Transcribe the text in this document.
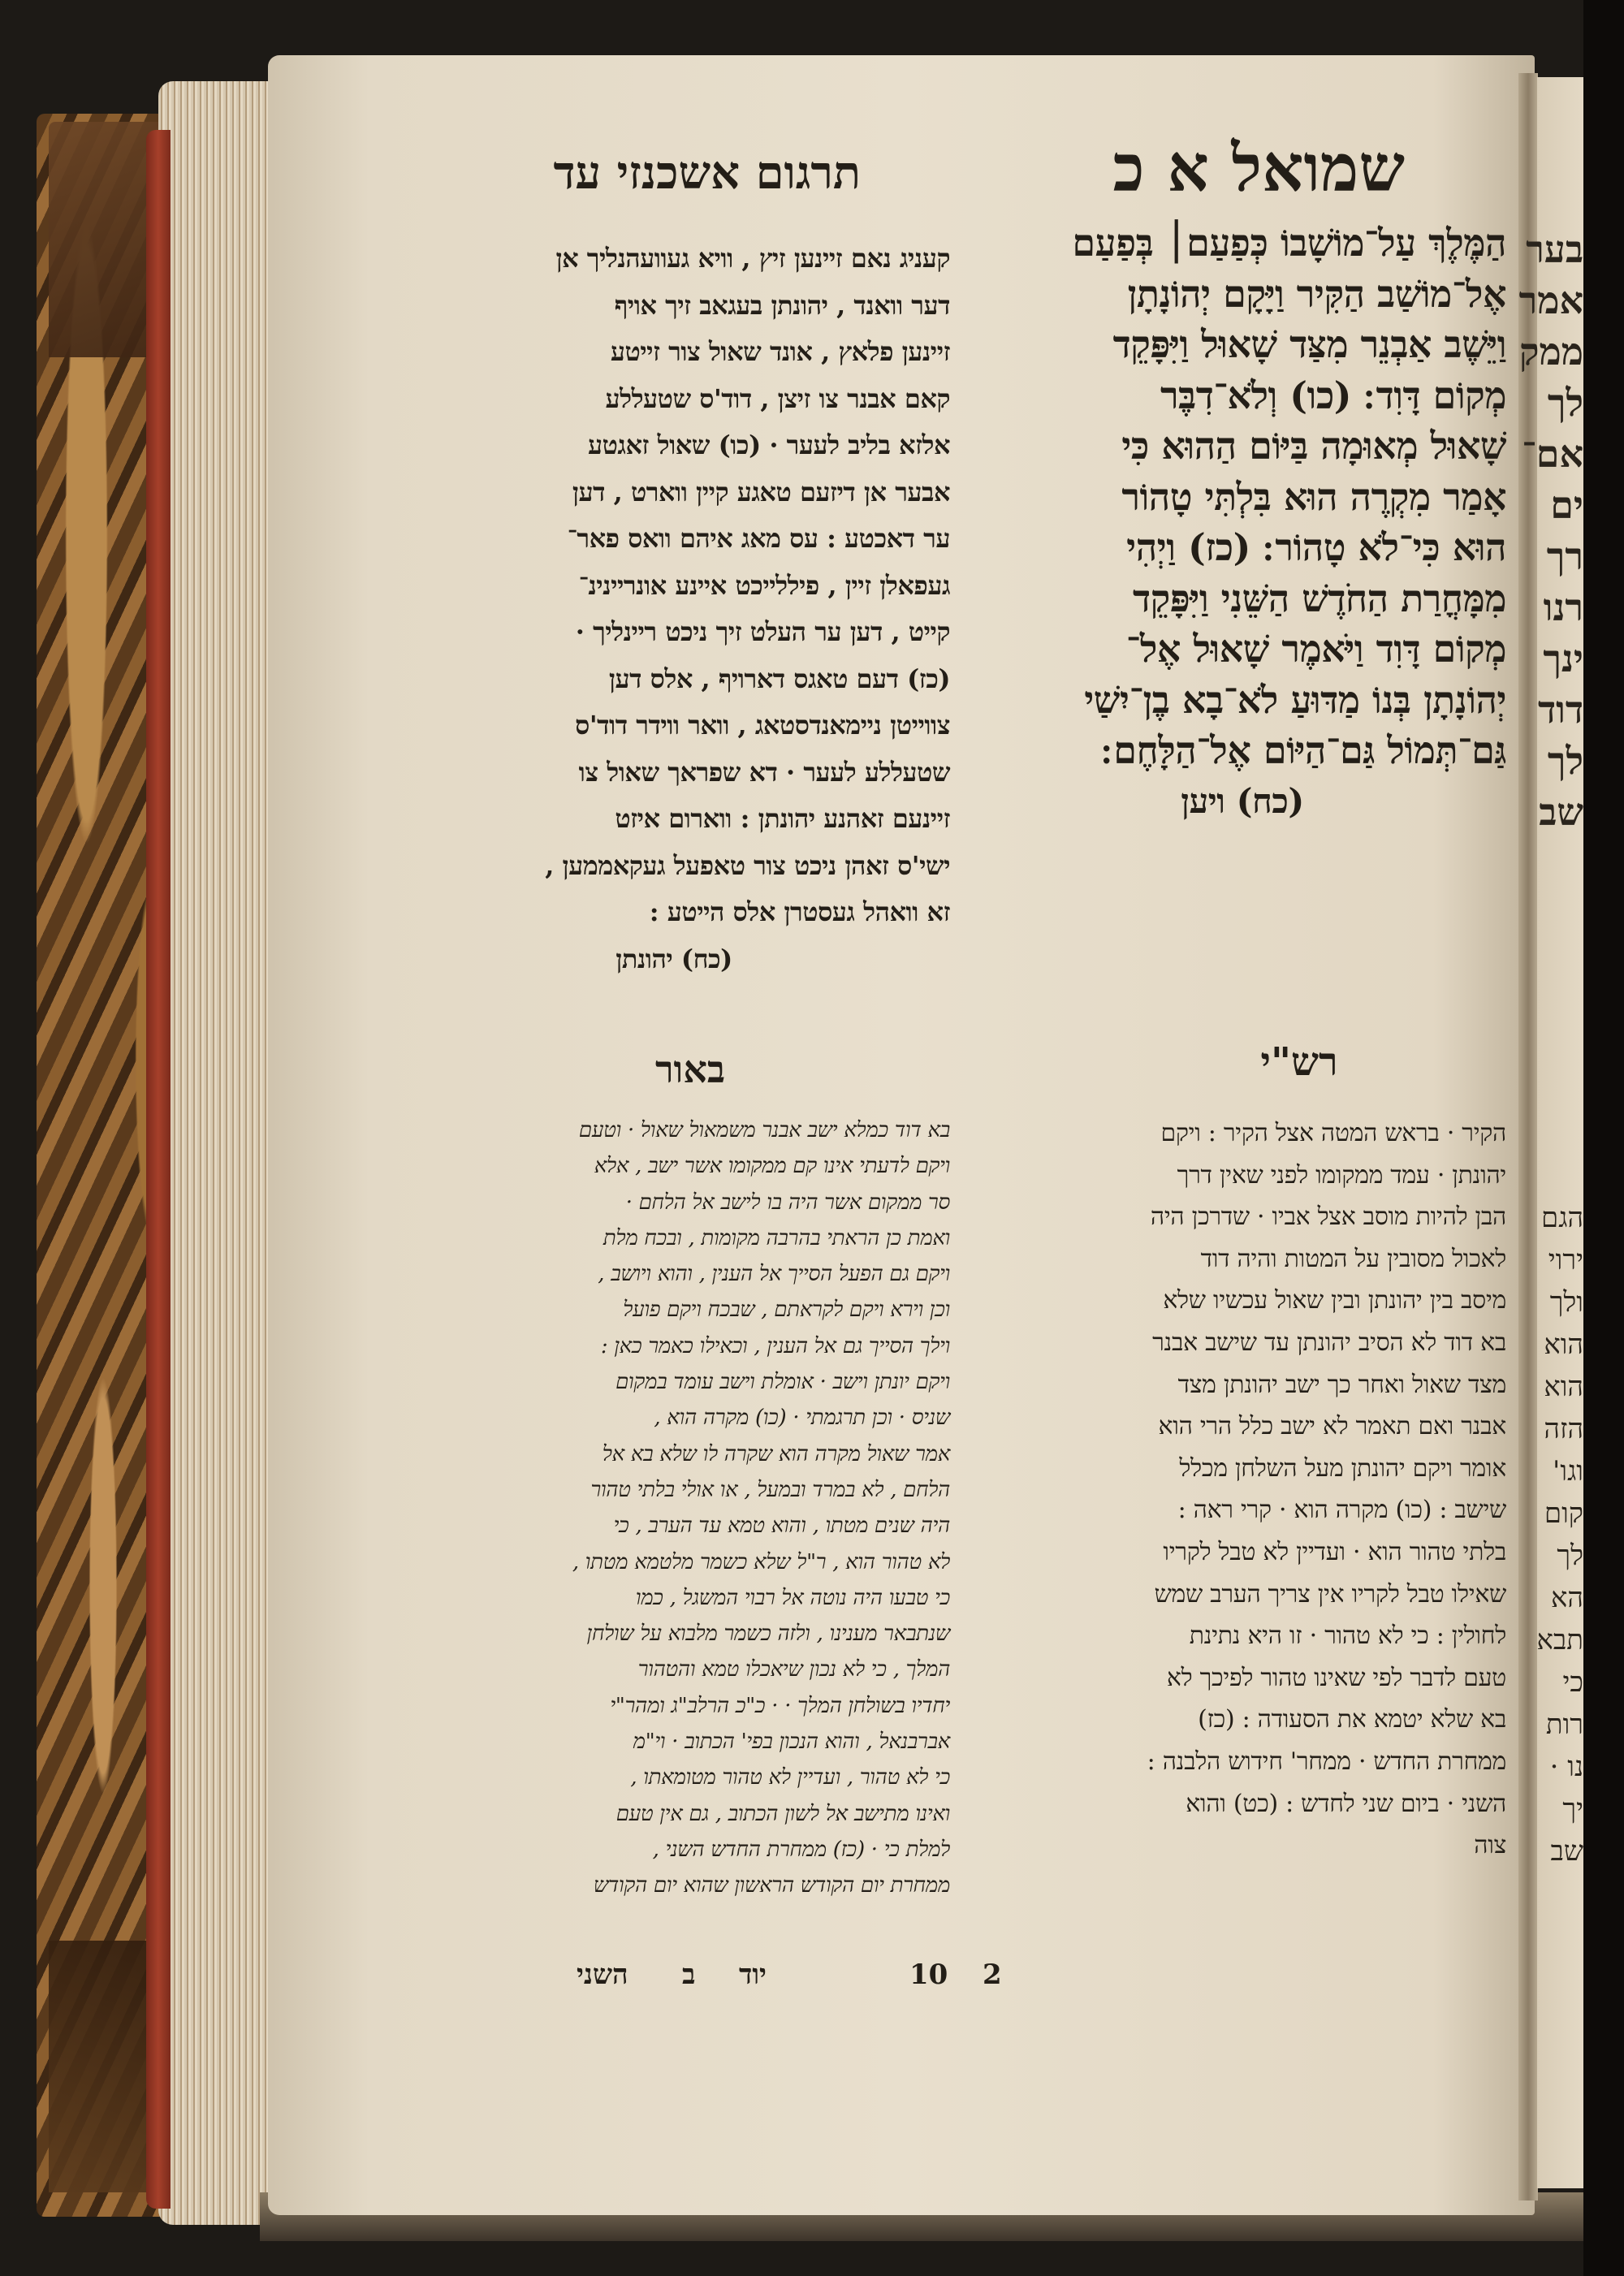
בער
אמר
ממק
לך
אם־
ים
רך
רנו
ינך
דוד
לך
שב
הגם
ירוי
ולך
הוא
הוא
הזה
וגו'
קום
לך
הא
תבא
כי
רות
נו ·
יך
שב
תרגום אשכנזי עד	שמואל א כ
קעניג נאם זיינען זיץ , וויא געוועהנליך אן
דער וואנד , יהונתן בעגאב זיך אויף
זיינען פלאץ , אונד שאול צור זייטע
קאם אבנר צו זיצן , דוד'ס שטעללע
אלזא בליב לעער · (כו) שאול זאגטע
אבער אן דיזעם טאגע קיין ווארט , דען
ער דאכטע : עס מאג איהם וואס פאר־
געפאלן זיין , פיללייכט איינע אונריינינ־
קייט , דען ער העלט זיך ניכט ריינליך ·
(כז) דעם טאגס דארויף , אלס דען
צווייטן ניימאנדסטאג , וואר ווידר דוד'ס
שטעללע לעער · דא שפראך שאול צו
זיינעם זאהנע יהונתן : ווארום איזט
ישי'ס זאהן ניכט צור טאפעל געקאממען ,
זא וואהל געסטרן אלס הייטע :
(כח) יהונתן
הַמֶּלֶךְ עַל־מוֹשָׁבוֹ כְּפַעַם׀ בְּפַעַם
אֶל־מוֹשַׁב הַקִּיר וַיָּקָם יְהוֹנָתָן
וַיֵּשֶׁב אַבְנֵר מִצַּד שָׁאוּל וַיִּפָּקֵד
מְקוֹם דָּוִד ׃ (כו) וְלֹא־דִבֶּר
שָׁאוּל מְאוּמָה בַּיּוֹם הַהוּא כִּי
אָמַר מִקְרֶה הוּא בִּלְתִּי טָהוֹר
הוּא כִּי־לֹא טָהוֹר ׃ (כז) וַיְהִי
מִמָּחֳרַת הַחֹדֶשׁ הַשֵּׁנִי וַיִּפָּקֵד
מְקוֹם דָּוִד וַיֹּאמֶר שָׁאוּל אֶל־
יְהוֹנָתָן בְּנוֹ מַדּוּעַ לֹא־בָא בֶן־יִשַׁי
גַּם־תְּמוֹל גַּם־הַיּוֹם אֶל־הַלָּחֶם ׃
(כח) ויען
באור	רש"י
בא דוד כמלא ישב אבנר משמאול שאול · וטעם
ויקם לדעתי אינו קם ממקומו אשר ישב , אלא
סר ממקום אשר היה בו לישב אל הלחם ·
ואמת כן הראתי בהרבה מקומות , ובכח מלת
ויקם גם הפעל הסייך אל הענין , והוא ויושב ,
וכן וירא ויקם לקראתם , שבכח ויקם פועל
וילך הסייך גם אל הענין , וכאילו כאמר כאן :
ויקם יונתן וישב · אומלת וישב עומד במקום
שניס · וכן תרגמתי · (כו) מקרה הוא ,
אמר שאול מקרה הוא שקרה לו שלא בא אל
הלחם , לא במרד ובמעל , או אולי בלתי טהור
היה שנים מטתו , והוא טמא עד הערב , כי
לא טהור הוא , ר"ל שלא כשמר מלטמא מטתו ,
כי טבעו היה נוטה אל רבוי המשגל , כמו
שנתבאר מענינו , ולזה כשמר מלבוא על שולחן
המלך , כי לא נכון שיאכלו טמא והטהור
יחדיו בשולחן המלך · · כ"כ הרלב"ג ומהר"י
אברבנאל , והוא הנכון בפי' הכתוב · וי"מ
כי לא טהור , ועדיין לא טהור מטומאתו ,
ואינו מתישב אל לשון הכתוב , גם אין טעם
למלת כי · (כז) ממחרת החדש השני ,
ממחרת יום הקודש הראשון שהוא יום הקודש
הקיר · בראש המטה אצל הקיר : ויקם
יהונתן · עמד ממקומו לפני שאין דרך
הבן להיות מוסב אצל אביו · שדרכן היה
לאכול מסובין על המטות והיה דוד
מיסב בין יהונתן ובין שאול עכשיו שלא
בא דוד לא הסיב יהונתן עד שישב אבנר
מצד שאול ואחר כך ישב יהונתן מצד
אבנר ואם תאמר לא ישב כלל הרי הוא
אומר ויקם יהונתן מעל השלחן מכלל
שישב : (כו) מקרה הוא · קרי ראה :
בלתי טהור הוא · ועדיין לא טבל לקריו
שאילו טבל לקריו אין צריך הערב שמש
לחולין : כי לא טהור · זו היא נתינת
טעם לדבר לפי שאינו טהור לפיכך לא
בא שלא יטמא את הסעודה : (כז)
ממחרת החדש · ממחר' חידוש הלבנה :
השני · ביום שני לחדש : (כט) והוא
צוה
השני ב יוד	10 2
